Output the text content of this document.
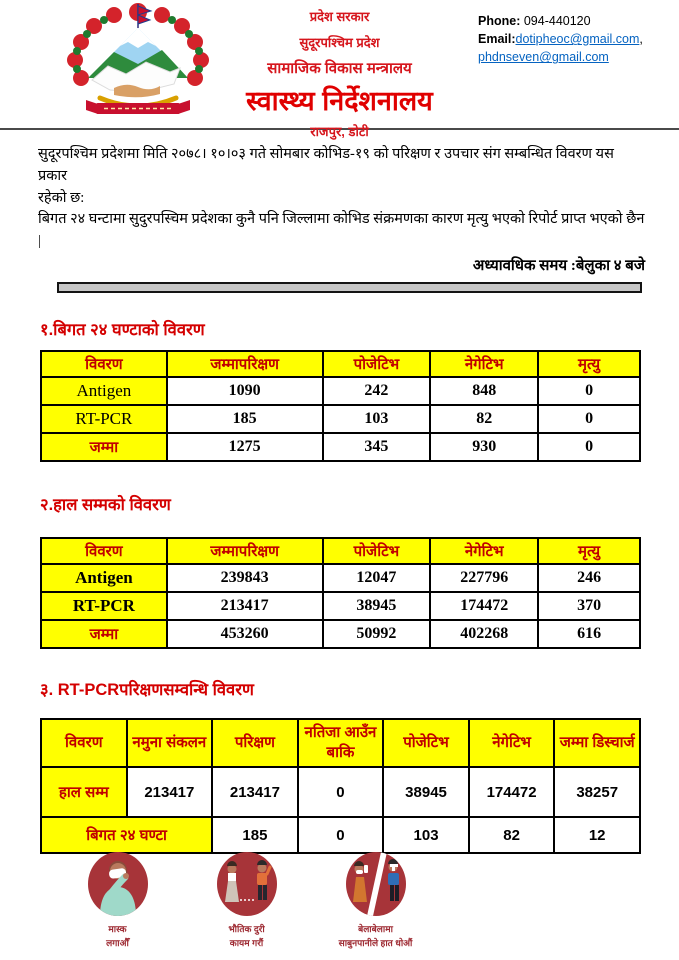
प्रदेश सरकार
सुदूरपश्चिम प्रदेश
सामाजिक विकास मन्त्रालय
स्वास्थ्य निर्देशनालय
राजपुर, डोटी
Phone: 094-440120
Email:dotipheoc@gmail.com,
phdnseven@gmail.com
सुदूरपश्चिम प्रदेशमा मिति २०७८। १०।०३ गते सोमबार कोभिड-१९ को परिक्षण र उपचार संग सम्बन्धित विवरण यस प्रकार
रहेको छ:
बिगत २४ घन्टामा सुदुरपस्चिम प्रदेशका कुनै पनि जिल्लामा कोभिड संक्रमणका कारण मृत्यु भएको रिपोर्ट प्राप्त भएको छैन |
अध्यावधिक समय :बेलुका ४ बजे
१.बिगत २४ घण्टाको विवरण
विवरण	जम्मापरिक्षण	पोजेटिभ	नेगेटिभ	मृत्यु
Antigen	1090	242	848	0
RT-PCR	185	103	82	0
जम्मा	1275	345	930	0
२.हाल सम्मको विवरण
विवरण	जम्मापरिक्षण	पोजेटिभ	नेगेटिभ	मृत्यु
Antigen	239843	12047	227796	246
RT-PCR	213417	38945	174472	370
जम्मा	453260	50992	402268	616
३. RT-PCRपरिक्षणसम्वन्धि विवरण
विवरण	नमुना संकलन	परिक्षण	नतिजा आउँन बाकि	पोजेटिभ	नेगेटिभ	जम्मा डिस्चार्ज
हाल सम्म	213417	213417	0	38945	174472	38257
बिगत २४ घण्टा		185	0	103	82	12
मास्क
लगाऔँ
भौतिक दुरी
कायम गरौं
बेलाबेलामा
साबुनपानीले हात धोऔं
